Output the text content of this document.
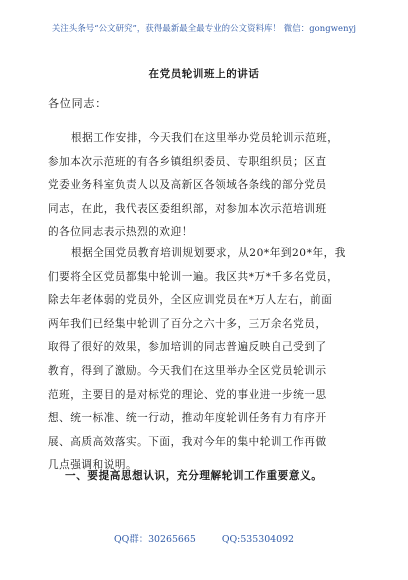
关注头条号“公文研究”，获得最新最全最专业的公文资料库！ 微信：gongwenyj
在党员轮训班上的讲话
各位同志：
根据工作安排，今天我们在这里举办党员轮训示范班，
参加本次示范班的有各乡镇组织委员、专职组织员；区直
党委业务科室负责人以及高新区各领域各条线的部分党员
同志，在此，我代表区委组织部，对参加本次示范培训班
的各位同志表示热烈的欢迎！
根据全国党员教育培训规划要求，从20*年到20*年，我
们要将全区党员都集中轮训一遍。我区共*万*千多名党员，
除去年老体弱的党员外，全区应训党员在*万人左右，前面
两年我们已经集中轮训了百分之六十多，三万余名党员，
取得了很好的效果，参加培训的同志普遍反映自己受到了
教育，得到了激励。今天我们在这里举办全区党员轮训示
范班，主要目的是对标党的理论、党的事业进一步统一思
想、统一标准、统一行动，推动年度轮训任务有力有序开
展、高质高效落实。下面，我对今年的集中轮训工作再做
几点强调和说明。
一、要提高思想认识，充分理解轮训工作重要意义。
QQ群：30265665	QQ:535304092
